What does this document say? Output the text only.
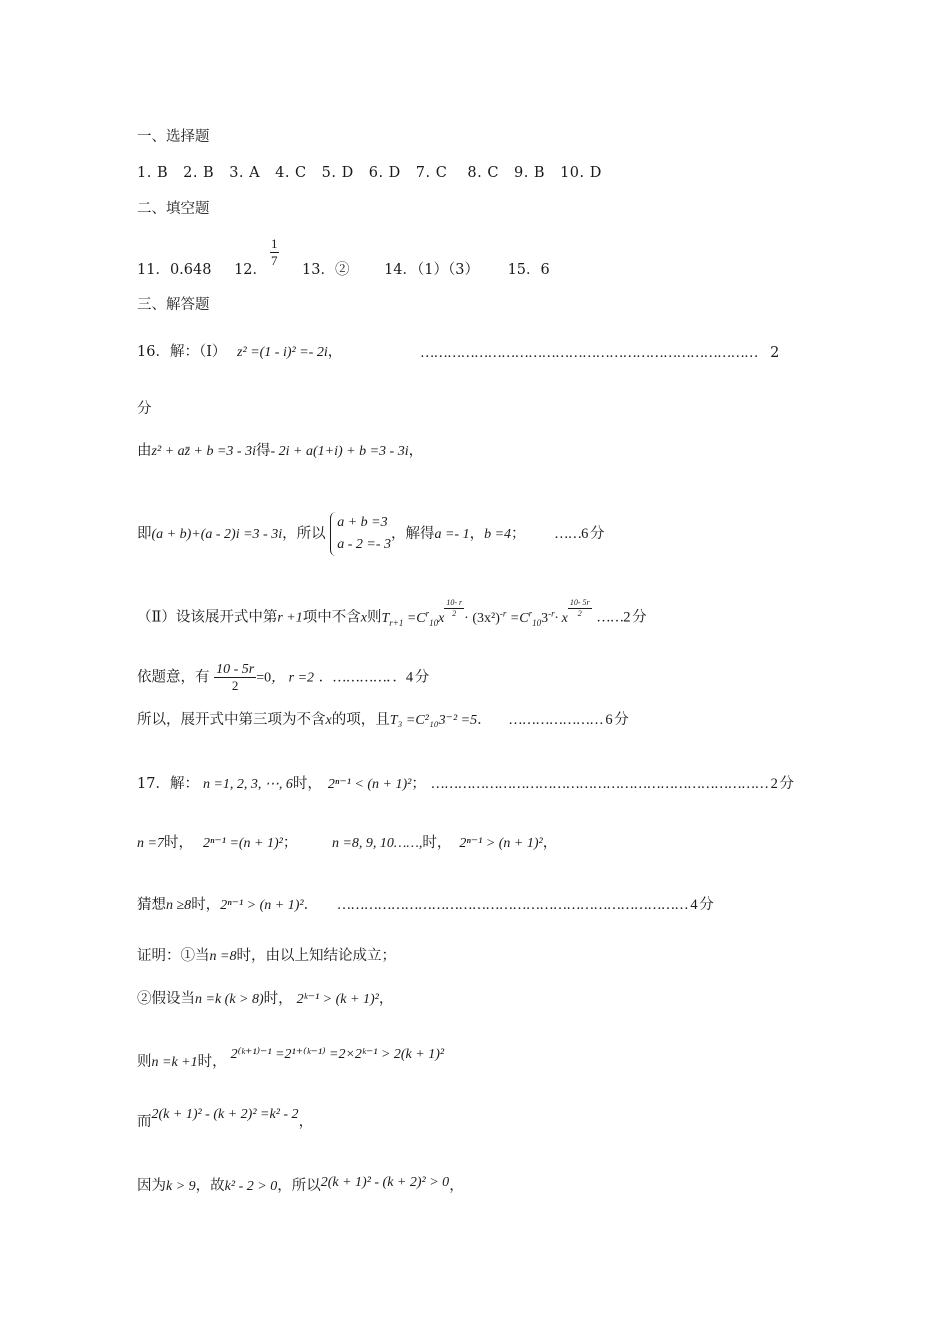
一、选择题
1. B　2. B　3. A　4. C　5. D　6. D　7. C　 8. C　9. B　10. D
二、填空题
11．0.648 12．
$\frac{1}{7}$
13．② 14．（1）（3） 15．6
三、解答题
16．解：（Ⅰ） z² =(1 - i)² =- 2i，	………………………………………………………………… 2
分
由z² + az̄ + b =3 - 3i得- 2i + a(1+i) + b =3 - 3i，
即(a + b)+(a - 2)i =3 - 3i，所以
a + b =3
a - 2 =- 3
，解得a =- 1，b =4； ……6 分
（Ⅱ）设该展开式中第r +1项中不含x则$T_{r+1} =C^r_{10}x \frac{10- r}{2} \cdot (3x^2)^{-r} =C^r_{10}3^{-r}\cdot x \frac{10- 5r}{2}$ ……2 分
依题意，有 $\frac{10 - 5r}{2} =0$， r =2 ．…………．．4 分
所以，展开式中第三项为不含x的项，且T₃ =C²₁₀3⁻² =5． ………………… 6 分
17．解： n =1, 2, 3, ⋯, 6时， 2ⁿ⁻¹ < (n + 1)²； ………………………………………………………………… 2 分
n =7时， 2ⁿ⁻¹ =(n + 1)²； n =8, 9, 10……,时， 2ⁿ⁻¹ > (n + 1)²，
猜想n ≥8时，2ⁿ⁻¹ > (n + 1)²． …………………………………………………………………… 4 分
证明：①当n =8时，由以上知结论成立；
②假设当n =k (k > 8)时， 2ᵏ⁻¹ > (k + 1)²，
则n =k +1时， 2⁽ᵏ⁺¹⁾⁻¹ =2¹⁺⁽ᵏ⁻¹⁾ =2×2ᵏ⁻¹ > 2(k + 1)²
而2(k + 1)² - (k + 2)² =k² - 2，
因为k > 9，故k² - 2 > 0，所以2(k + 1)² - (k + 2)² > 0，
